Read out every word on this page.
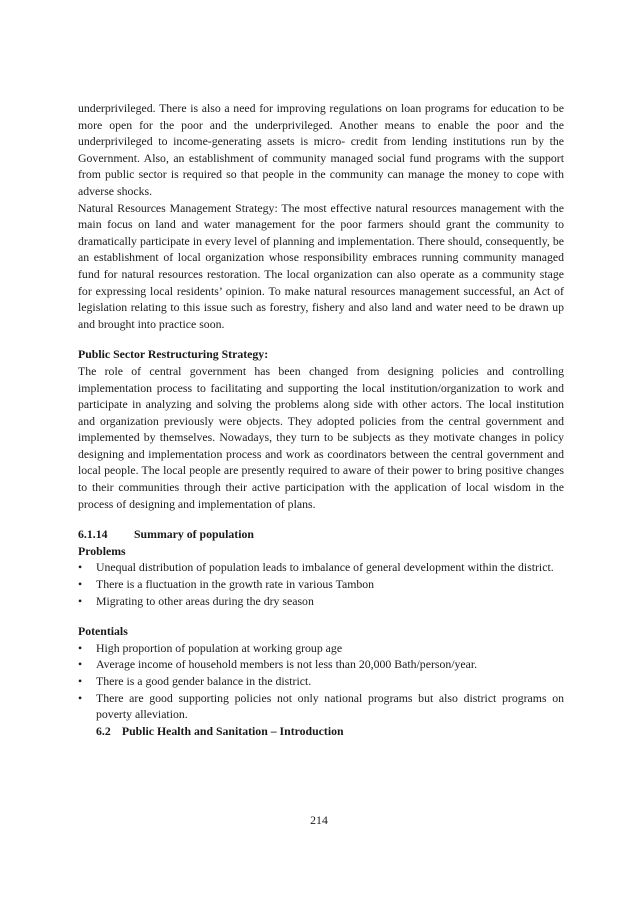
underprivileged. There is also a need for improving regulations on loan programs for education to be more open for the poor and the underprivileged. Another means to enable the poor and the underprivileged to income-generating assets is micro- credit from lending institutions run by the Government. Also, an establishment of community managed social fund programs with the support from public sector is required so that people in the community can manage the money to cope with adverse shocks.

Natural Resources Management Strategy: The most effective natural resources management with the main focus on land and water management for the poor farmers should grant the community to dramatically participate in every level of planning and implementation. There should, consequently, be an establishment of local organization whose responsibility embraces running community managed fund for natural resources restoration. The local organization can also operate as a community stage for expressing local residents’ opinion. To make natural resources management successful, an Act of legislation relating to this issue such as forestry, fishery and also land and water need to be drawn up and brought into practice soon.

Public Sector Restructuring Strategy:

The role of central government has been changed from designing policies and controlling implementation process to facilitating and supporting the local institution/organization to work and participate in analyzing and solving the problems along side with other actors. The local institution and organization previously were objects. They adopted policies from the central government and implemented by themselves. Nowadays, they turn to be subjects as they motivate changes in policy designing and implementation process and work as coordinators between the central government and local people. The local people are presently required to aware of their power to bring positive changes to their communities through their active participation with the application of local wisdom in the process of designing and implementation of plans.

6.1.14 Summary of population

Problems

• Unequal distribution of population leads to imbalance of general development within the district.
• There is a fluctuation in the growth rate in various Tambon
• Migrating to other areas during the dry season

Potentials

• High proportion of population at working group age
• Average income of household members is not less than 20,000 Bath/person/year.
• There is a good gender balance in the district.
• There are good supporting policies not only national programs but also district programs on poverty alleviation.

6.2 Public Health and Sanitation – Introduction

214
